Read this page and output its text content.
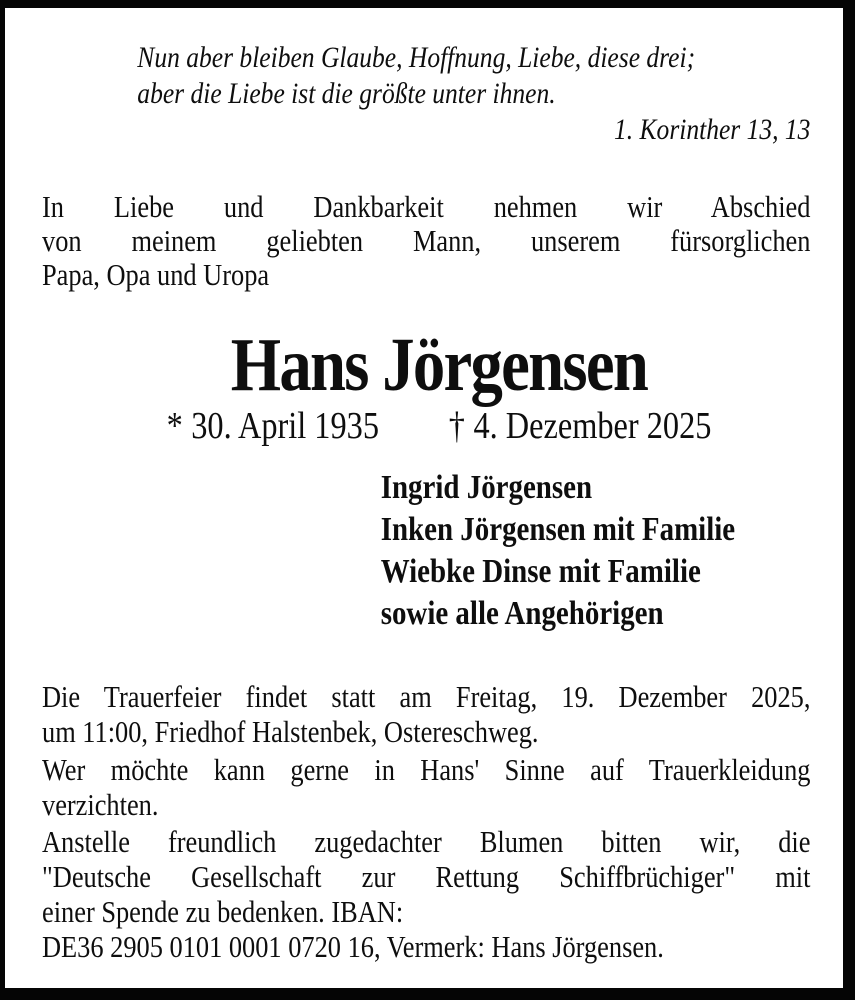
Nun aber bleiben Glaube, Hoffnung, Liebe, diese drei;
aber die Liebe ist die größte unter ihnen.
1. Korinther 13, 13
In Liebe und Dankbarkeit nehmen wir Abschied
von meinem geliebten Mann, unserem fürsorglichen
Papa, Opa und Uropa
Hans Jörgensen
* 30. April 1935 † 4. Dezember 2025
Ingrid Jörgensen
Inken Jörgensen mit Familie
Wiebke Dinse mit Familie
sowie alle Angehörigen
Die Trauerfeier findet statt am Freitag, 19. Dezember 2025,
um 11:00, Friedhof Halstenbek, Ostereschweg.
Wer möchte kann gerne in Hans' Sinne auf Trauerkleidung
verzichten.
Anstelle freundlich zugedachter Blumen bitten wir, die
"Deutsche Gesellschaft zur Rettung Schiffbrüchiger" mit
einer Spende zu bedenken. IBAN:
DE36 2905 0101 0001 0720 16, Vermerk: Hans Jörgensen.
